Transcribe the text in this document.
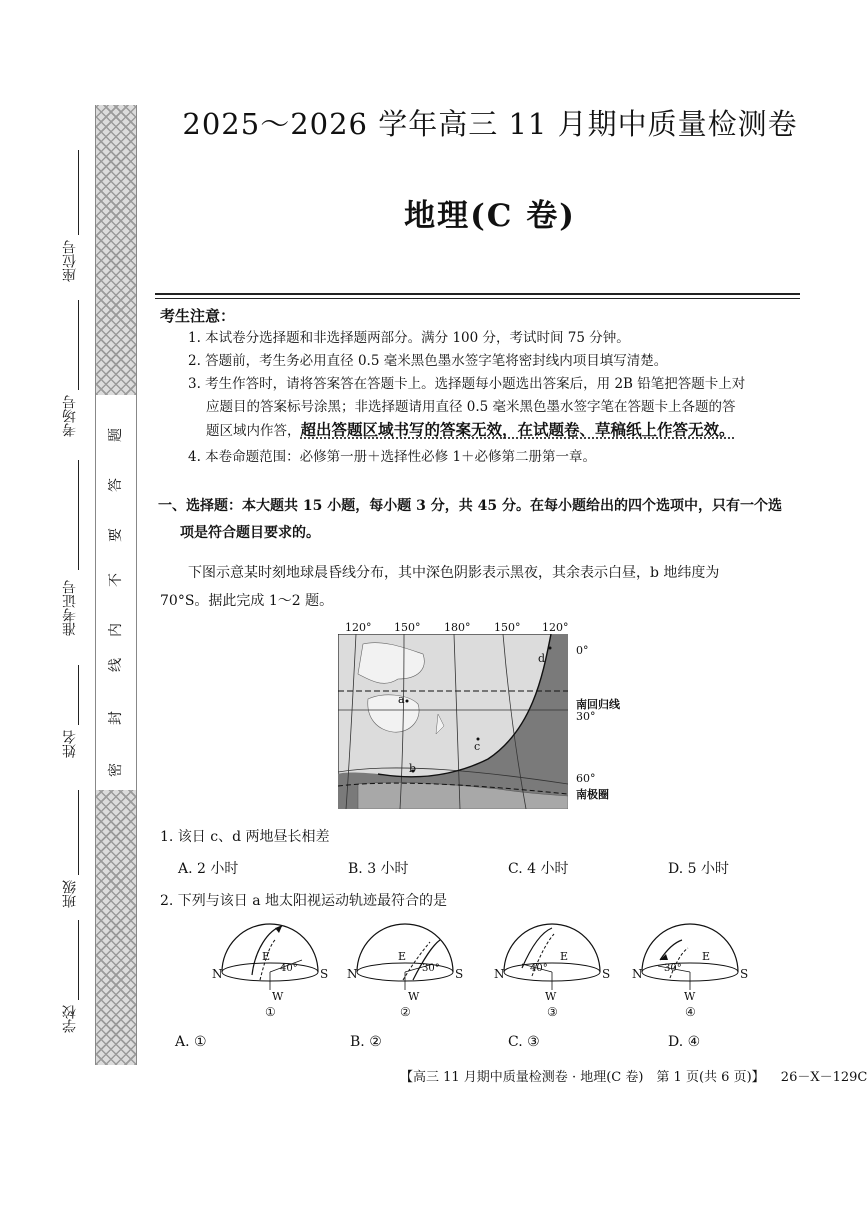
座位号
考场号
准考证号
姓名
班级
学校
密
封
线
内
不
要
答
题
2025～2026 学年高三 11 月期中质量检测卷
地理(C 卷)
考生注意：
1. 本试卷分选择题和非选择题两部分。满分 100 分，考试时间 75 分钟。
2. 答题前，考生务必用直径 0.5 毫米黑色墨水签字笔将密封线内项目填写清楚。
3. 考生作答时，请将答案答在答题卡上。选择题每小题选出答案后，用 2B 铅笔把答题卡上对
应题目的答案标号涂黑；非选择题请用直径 0.5 毫米黑色墨水签字笔在答题卡上各题的答
题区域内作答，超出答题区域书写的答案无效，在试题卷、草稿纸上作答无效。
4. 本卷命题范围：必修第一册＋选择性必修 1＋必修第二册第一章。
一、选择题：本大题共 15 小题，每小题 3 分，共 45 分。在每小题给出的四个选项中，只有一个选
项是符合题目要求的。
下图示意某时刻地球晨昏线分布，其中深色阴影表示黑夜，其余表示白昼，b 地纬度为
70°S。据此完成 1～2 题。
120° 150° 180° 150° 120°
a
b
c
d
0°
南回归线
30°
60°
南极圈
1. 该日 c、d 两地昼长相差
A. 2 小时	B. 3 小时	C. 4 小时	D. 5 小时
2. 下列与该日 a 地太阳视运动轨迹最符合的是
N	S
E
W
40°
①
N	S
E
W
30°
②
N	S
E
W
40°
③
N	S
E
W
30°
④
A. ①	B. ②	C. ③	D. ④
【高三 11 月期中质量检测卷 · 地理(C 卷)　第 1 页(共 6 页)】 26－X－129C
